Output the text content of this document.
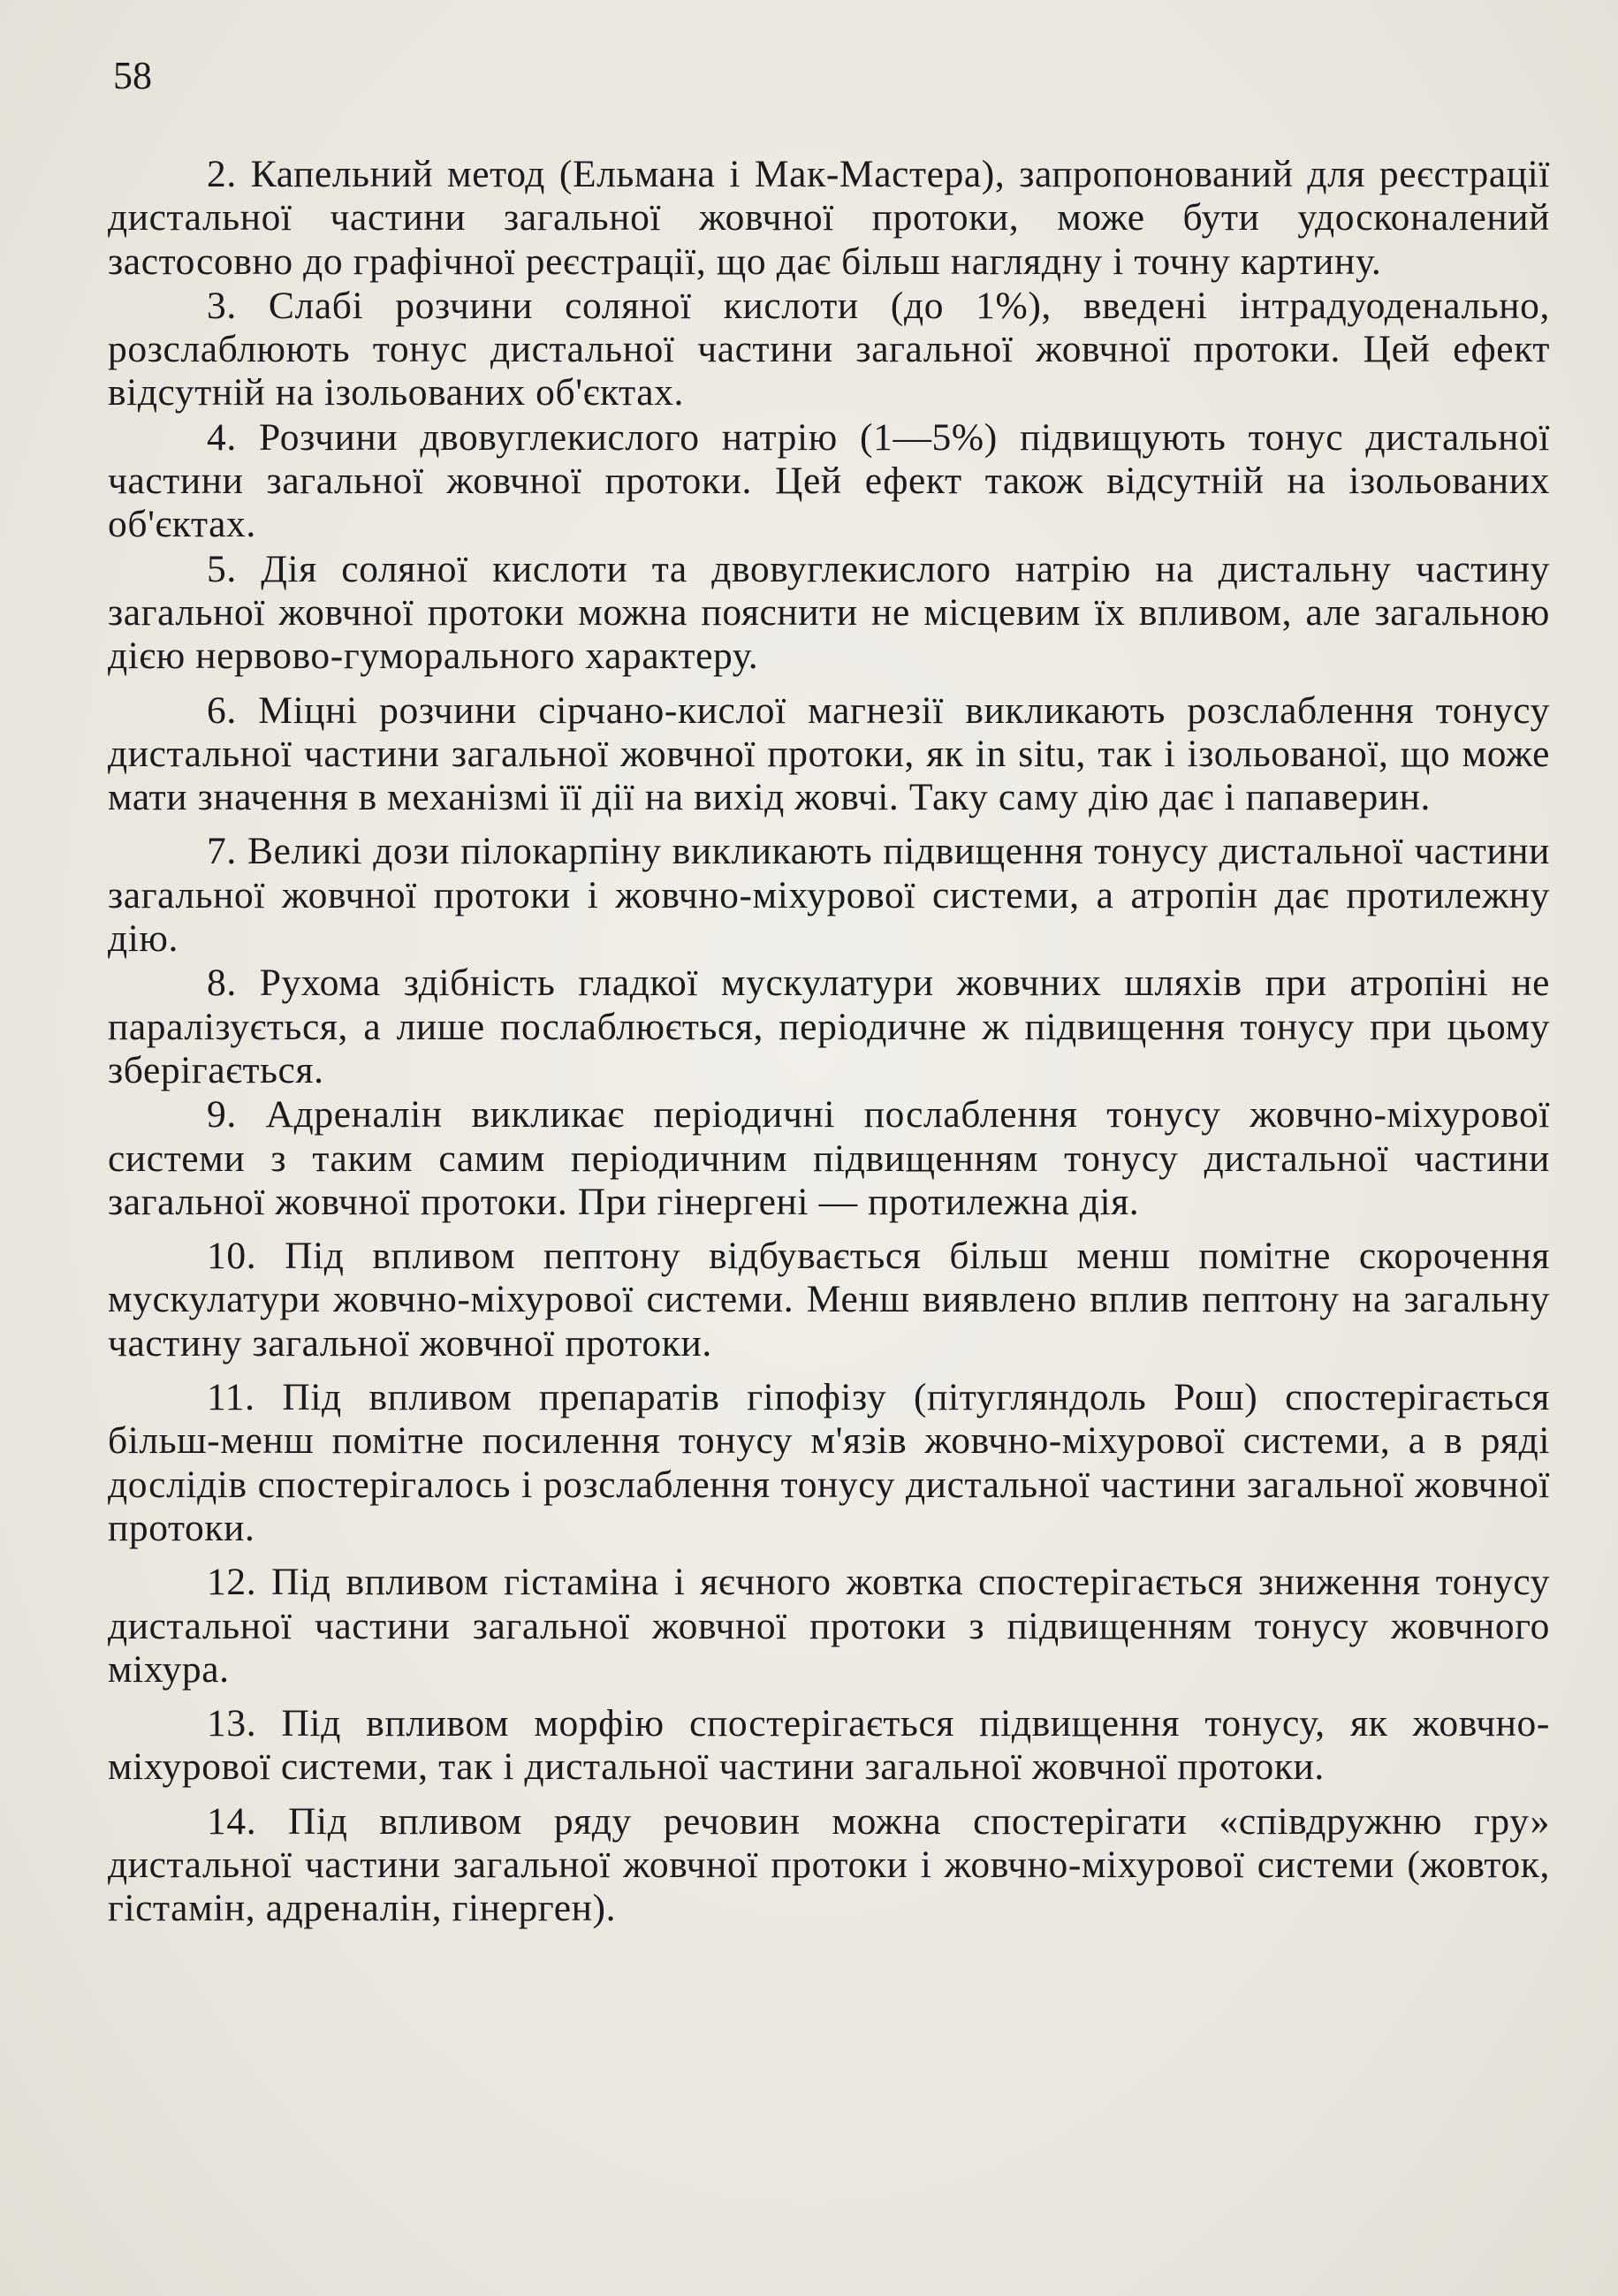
58

2. Капельний метод (Ельмана і Мак-Мастера), запропонований для реєстрації дистальної частини загальної жовчної протоки, може бути удосконалений застосовно до графічної реєстрації, що дає більш наглядну і точну картину.

3. Слабі розчини соляної кислоти (до 1%), введені інтрадуоденально, розслаблюють тонус дистальної частини загальної жовчної протоки. Цей ефект відсутній на ізольованих об'єктах.

4. Розчини двовуглекислого натрію (1—5%) підвищують тонус дистальної частини загальної жовчної протоки. Цей ефект також відсутній на ізольованих об'єктах.

5. Дія соляної кислоти та двовуглекислого натрію на дистальну частину загальної жовчної протоки можна пояснити не місцевим їх впливом, але загальною дією нервово-гуморального характеру.

6. Міцні розчини сірчано-кислої магнезії викликають розслаблення тонусу дистальної частини загальної жовчної протоки, як in situ, так і ізольованої, що може мати значення в механізмі її дії на вихід жовчі. Таку саму дію дає і папаверин.

7. Великі дози пілокарпіну викликають підвищення тонусу дистальної частини загальної жовчної протоки і жовчно-міхурової системи, а атропін дає протилежну дію.

8. Рухома здібність гладкої мускулатури жовчних шляхів при атропіні не паралізується, а лише послаблюється, періодичне ж підвищення тонусу при цьому зберігається.

9. Адреналін викликає періодичні послаблення тонусу жовчно-міхурової системи з таким самим періодичним підвищенням тонусу дистальної частини загальної жовчної протоки. При гінергені — протилежна дія.

10. Під впливом пептону відбувається більш менш помітне скорочення мускулатури жовчно-міхурової системи. Менш виявлено вплив пептону на загальну частину загальної жовчної протоки.

11. Під впливом препаратів гіпофізу (пітугляндоль Рош) спостерігається більш-менш помітне посилення тонусу м'язів жовчно-міхурової системи, а в ряді дослідів спостерігалось і розслаблення тонусу дистальної частини загальної жовчної протоки.

12. Під впливом гістаміна і яєчного жовтка спостерігається зниження тонусу дистальної частини загальної жовчної протоки з підвищенням тонусу жовчного міхура.

13. Під впливом морфію спостерігається підвищення тонусу, як жовчно-міхурової системи, так і дистальної частини загальної жовчної протоки.

14. Під впливом ряду речовин можна спостерігати «співдружню гру» дистальної частини загальної жовчної протоки і жовчно-міхурової системи (жовток, гістамін, адреналін, гінерген).
